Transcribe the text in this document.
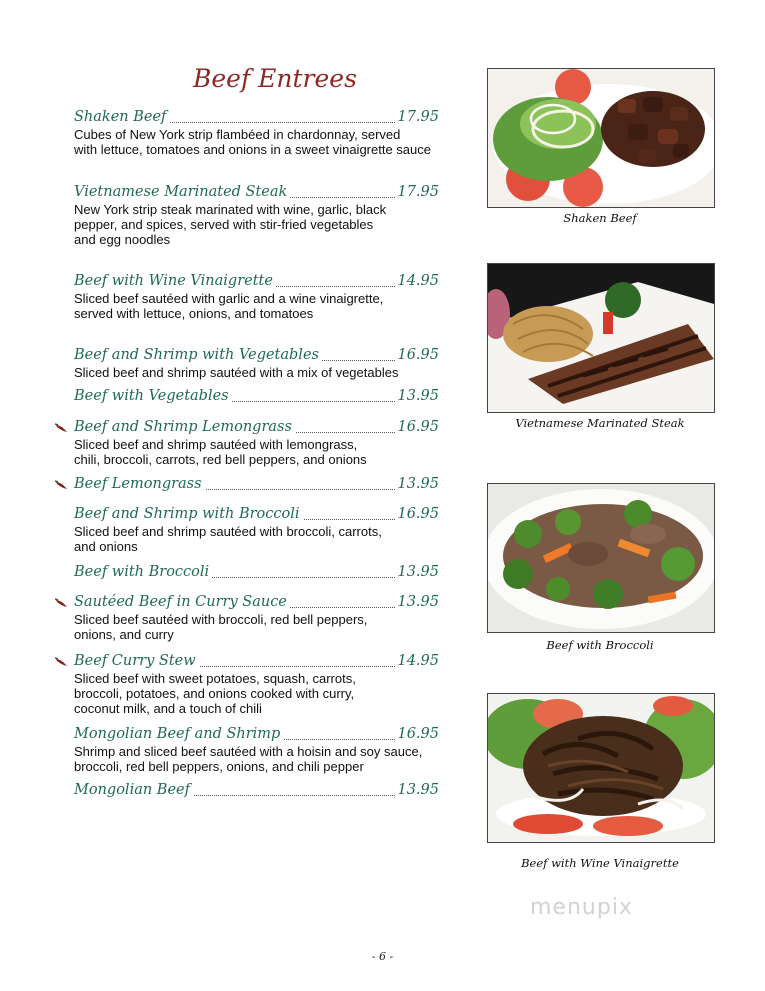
Beef Entrees
Shaken Beef	17.95
Cubes of New York strip flambéed in chardonnay, served
with lettuce, tomatoes and onions in a sweet vinaigrette sauce
Vietnamese Marinated Steak	17.95
New York strip steak marinated with wine, garlic, black
pepper, and spices, served with stir-fried vegetables
and egg noodles
Beef with Wine Vinaigrette	14.95
Sliced beef sautéed with garlic and a wine vinaigrette,
served with lettuce, onions, and tomatoes
Beef and Shrimp with Vegetables	16.95
Sliced beef and shrimp sautéed with a mix of vegetables
Beef with Vegetables	13.95
Beef and Shrimp Lemongrass	16.95
Sliced beef and shrimp sautéed with lemongrass,
chili, broccoli, carrots, red bell peppers, and onions
Beef Lemongrass	13.95
Beef and Shrimp with Broccoli	16.95
Sliced beef and shrimp sautéed with broccoli, carrots,
and onions
Beef with Broccoli	13.95
Sautéed Beef in Curry Sauce	13.95
Sliced beef sautéed with broccoli, red bell peppers,
onions, and curry
Beef Curry Stew	14.95
Sliced beef with sweet potatoes, squash, carrots,
broccoli, potatoes, and onions cooked with curry,
coconut milk, and a touch of chili
Mongolian Beef and Shrimp	16.95
Shrimp and sliced beef sautéed with a hoisin and soy sauce,
broccoli, red bell peppers, onions, and chili pepper
Mongolian Beef	13.95
Shaken Beef
Vietnamese Marinated Steak
Beef with Broccoli
Beef with Wine Vinaigrette
menupix
- 6 -
